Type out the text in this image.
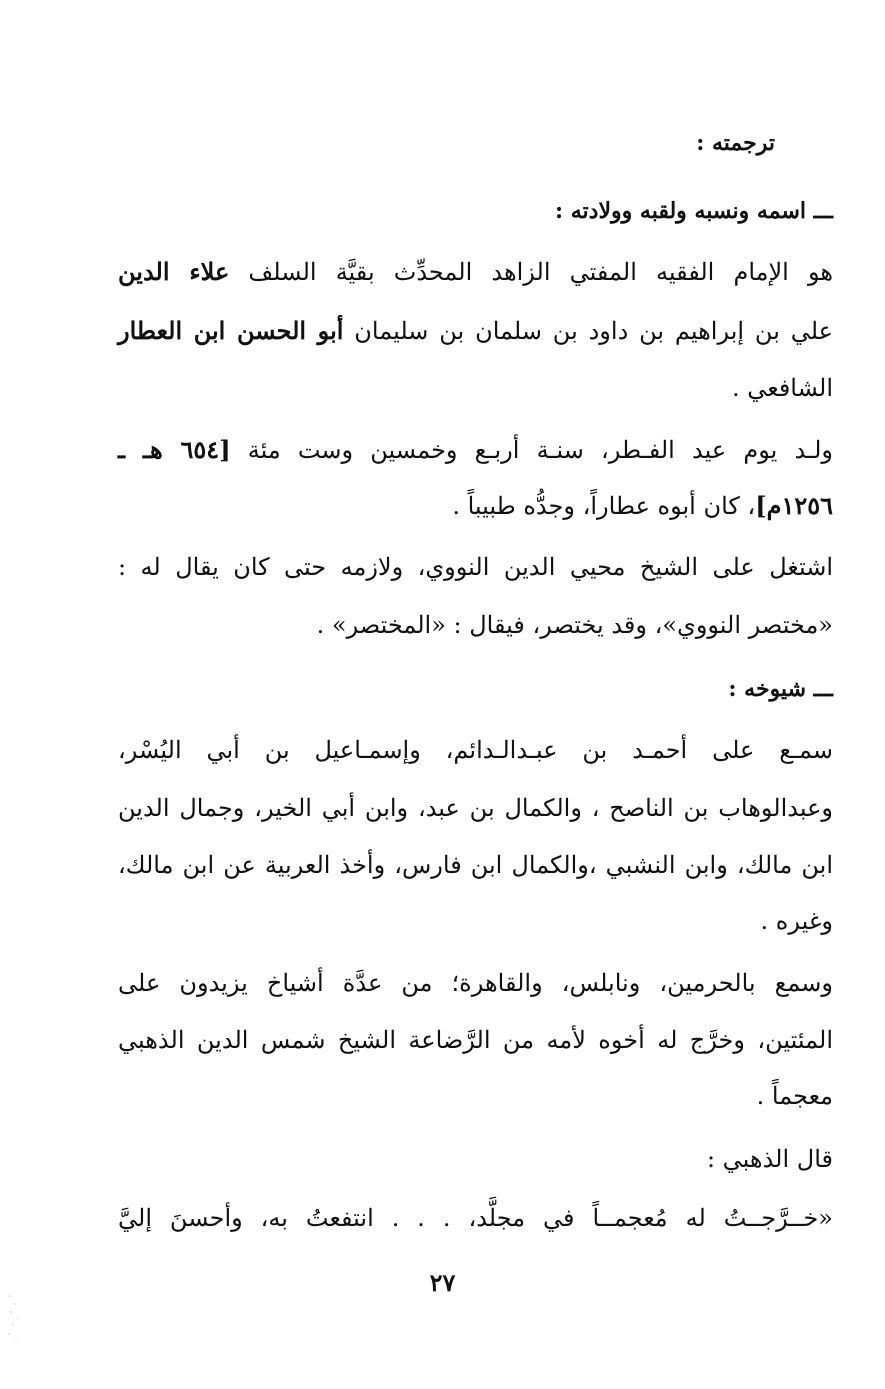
ترجمته :
ـــ اسمه ونسبه ولقبه وولادته :
هو الإمام الفقيه المفتي الزاهد المحدِّث بقيَّة السلف علاء الدين
علي بن إبراهيم بن داود بن سلمان بن سليمان أبو الحسن ابن العطار
الشافعي .
ولـد يوم عيد الفـطر، سنـة أربـع وخمسين وست مئة [٦٥٤ هـ ـ
١٢٥٦م]، كان أبوه عطاراً، وجدُّه طبيباً .
اشتغل على الشيخ محيي الدين النووي، ولازمه حتى كان يقال له :
«مختصر النووي»، وقد يختصر، فيقال : «المختصر» .
ـــ شيوخه :
سمـع على أحمـد بن عبـدالـدائم، وإسمـاعيل بن أبي اليُسْر،
وعبدالوهاب بن الناصح ، والكمال بن عبد، وابن أبي الخير، وجمال الدين
ابن مالك، وابن النشبي ،والكمال ابن فارس، وأخذ العربية عن ابن مالك،
وغيره .
وسمع بالحرمين، ونابلس، والقاهرة؛ من عدَّة أشياخ يزيدون على
المئتين، وخرَّج له أخوه لأمه من الرَّضاعة الشيخ شمس الدين الذهبي
معجماً .
قال الذهبي :
«خــرَّجــتُ له مُعجمــاً في مجلَّد، . . . انتفعتُ به، وأحسنَ إليَّ
٢٧
